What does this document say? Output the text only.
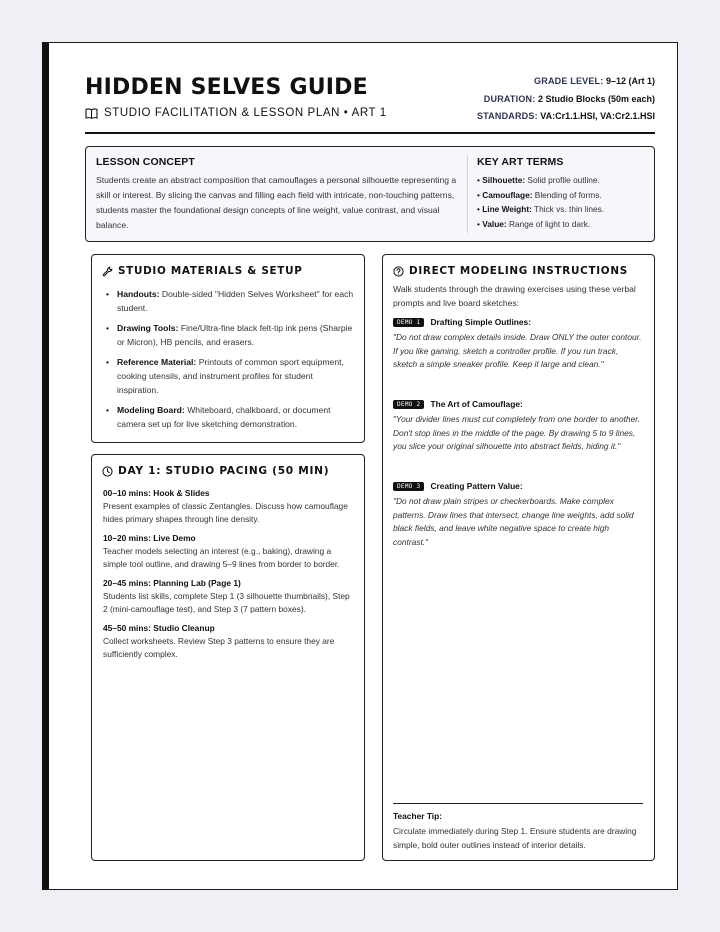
HIDDEN SELVES GUIDE
STUDIO FACILITATION & LESSON PLAN • ART 1
GRADE LEVEL: 9–12 (Art 1)
DURATION: 2 Studio Blocks (50m each)
STANDARDS: VA:Cr1.1.HSI, VA:Cr2.1.HSI
LESSON CONCEPT
Students create an abstract composition that camouflages a personal silhouette representing a skill or interest. By slicing the canvas and filling each field with intricate, non-touching patterns, students master the foundational design concepts of line weight, value contrast, and visual balance.
KEY ART TERMS
• Silhouette: Solid profile outline.
• Camouflage: Blending of forms.
• Line Weight: Thick vs. thin lines.
• Value: Range of light to dark.
STUDIO MATERIALS & SETUP
• Handouts: Double-sided "Hidden Selves Worksheet" for each student.
• Drawing Tools: Fine/Ultra-fine black felt-tip ink pens (Sharpie or Micron), HB pencils, and erasers.
• Reference Material: Printouts of common sport equipment, cooking utensils, and instrument profiles for student inspiration.
• Modeling Board: Whiteboard, chalkboard, or document camera set up for live sketching demonstration.
DAY 1: STUDIO PACING (50 MIN)
00–10 mins: Hook & Slides
Present examples of classic Zentangles. Discuss how camouflage hides primary shapes through line density.
10–20 mins: Live Demo
Teacher models selecting an interest (e.g., baking), drawing a simple tool outline, and drawing 5–9 lines from border to border.
20–45 mins: Planning Lab (Page 1)
Students list skills, complete Step 1 (3 silhouette thumbnails), Step 2 (mini-camouflage test), and Step 3 (7 pattern boxes).
45–50 mins: Studio Cleanup
Collect worksheets. Review Step 3 patterns to ensure they are sufficiently complex.
DIRECT MODELING INSTRUCTIONS
Walk students through the drawing exercises using these verbal prompts and live board sketches:
DEMO 1	Drafting Simple Outlines:
"Do not draw complex details inside. Draw ONLY the outer contour. If you like gaming, sketch a controller profile. If you run track, sketch a simple sneaker profile. Keep it large and clean."
DEMO 2	The Art of Camouflage:
"Your divider lines must cut completely from one border to another. Don't stop lines in the middle of the page. By drawing 5 to 9 lines, you slice your original silhouette into abstract fields, hiding it."
DEMO 3	Creating Pattern Value:
"Do not draw plain stripes or checkerboards. Make complex patterns. Draw lines that intersect, change line weights, add solid black fields, and leave white negative space to create high contrast."
Teacher Tip:
Circulate immediately during Step 1. Ensure students are drawing simple, bold outer outlines instead of interior details.
